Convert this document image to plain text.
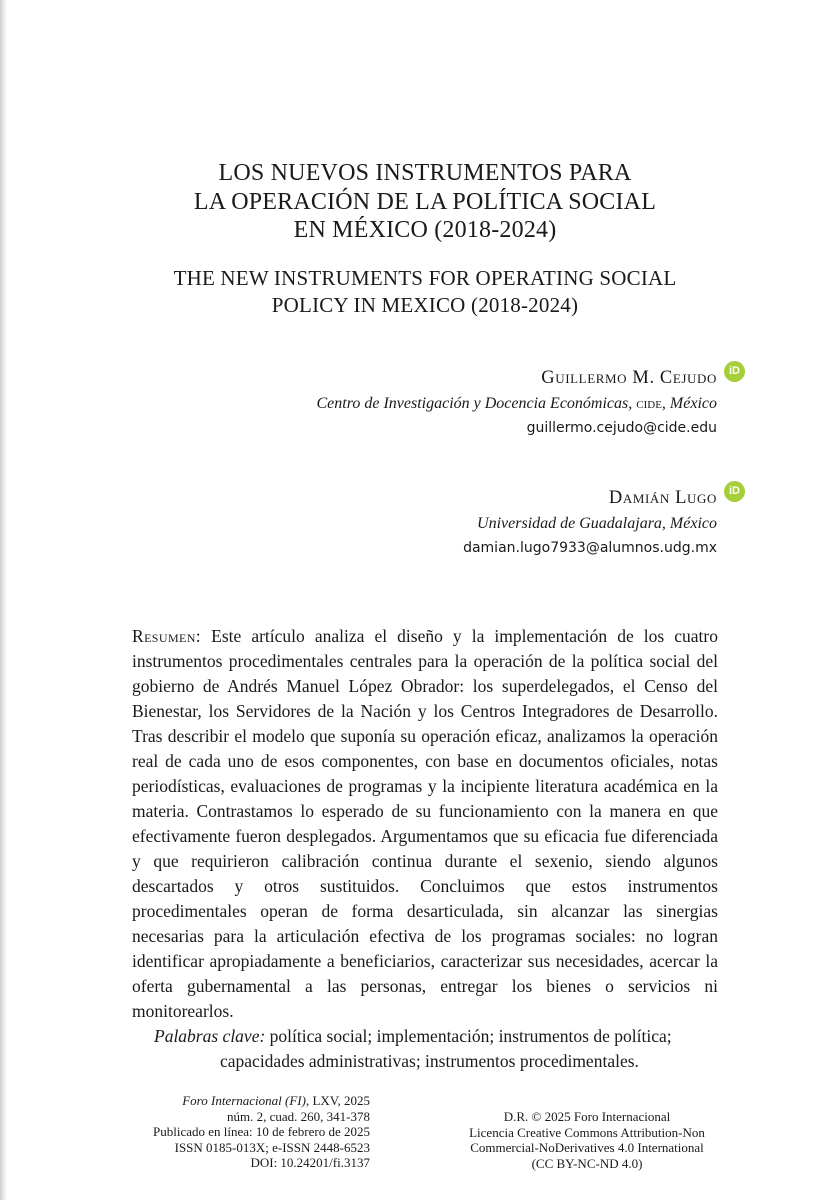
LOS NUEVOS INSTRUMENTOS PARA
LA OPERACIÓN DE LA POLÍTICA SOCIAL
EN MÉXICO (2018-2024)
THE NEW INSTRUMENTS FOR OPERATING SOCIAL
POLICY IN MEXICO (2018-2024)
Guillermo M. Cejudo	iD
Centro de Investigación y Docencia Económicas, cide, México
guillermo.cejudo@cide.edu
Damián Lugo	iD
Universidad de Guadalajara, México
damian.lugo7933@alumnos.udg.mx

Resumen: Este artículo analiza el diseño y la implementación de los cuatro instrumentos procedimentales centrales para la operación de la política social del gobierno de Andrés Manuel López Obrador: los superdelegados, el Censo del Bienestar, los Servidores de la Nación y los Centros Integradores de Desarrollo. Tras describir el modelo que suponía su operación eficaz, analizamos la operación real de cada uno de esos componentes, con base en documentos oficiales, notas periodísticas, evaluaciones de programas y la incipiente literatura académica en la materia. Contrastamos lo esperado de su funcionamiento con la manera en que efectivamente fueron desplegados. Argumentamos que su eficacia fue diferenciada y que requirieron calibración continua durante el sexenio, siendo algunos descartados y otros sustituidos. Concluimos que estos instrumentos procedimentales operan de forma desarticulada, sin alcanzar las sinergias necesarias para la articulación efectiva de los programas sociales: no logran identificar apropiadamente a beneficiarios, caracterizar sus necesidades, acercar la oferta gubernamental a las personas, entregar los bienes o servicios ni monitorearlos.

Palabras clave: política social; implementación; instrumentos de política;
capacidades administrativas; instrumentos procedimentales.

Foro Internacional (FI), LXV, 2025
núm. 2, cuad. 260, 341-378
Publicado en línea: 10 de febrero de 2025
ISSN 0185-013X; e-ISSN 2448-6523
DOI: 10.24201/fi.3137
D.R. © 2025 Foro Internacional
Licencia Creative Commons Attribution-Non
Commercial-NoDerivatives 4.0 International
(CC BY-NC-ND 4.0)
